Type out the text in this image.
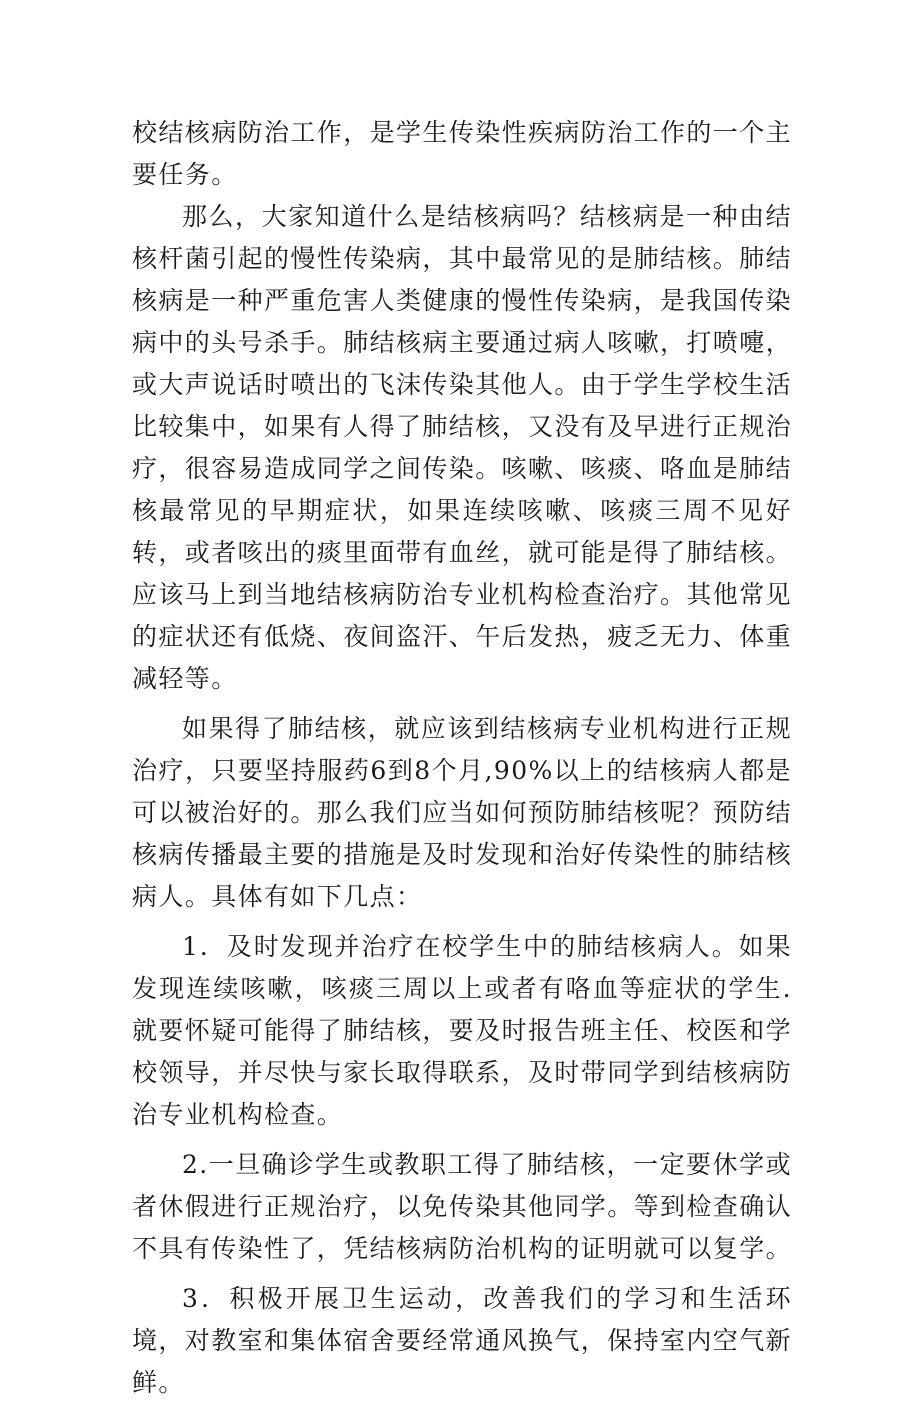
校结核病防治工作，是学生传染性疾病防治工作的一个主要任务。

那么，大家知道什么是结核病吗？结核病是一种由结核杆菌引起的慢性传染病，其中最常见的是肺结核。肺结核病是一种严重危害人类健康的慢性传染病，是我国传染病中的头号杀手。肺结核病主要通过病人咳嗽，打喷嚏，或大声说话时喷出的飞沫传染其他人。由于学生学校生活比较集中，如果有人得了肺结核，又没有及早进行正规治疗，很容易造成同学之间传染。咳嗽、咳痰、咯血是肺结核最常见的早期症状，如果连续咳嗽、咳痰三周不见好转，或者咳出的痰里面带有血丝，就可能是得了肺结核。应该马上到当地结核病防治专业机构检查治疗。其他常见的症状还有低烧、夜间盗汗、午后发热，疲乏无力、体重减轻等。

如果得了肺结核，就应该到结核病专业机构进行正规治疗，只要坚持服药6到8个月,90%以上的结核病人都是可以被治好的。那么我们应当如何预防肺结核呢？预防结核病传播最主要的措施是及时发现和治好传染性的肺结核病人。具体有如下几点：

1．及时发现并治疗在校学生中的肺结核病人。如果发现连续咳嗽，咳痰三周以上或者有咯血等症状的学生.就要怀疑可能得了肺结核，要及时报告班主任、校医和学校领导，并尽快与家长取得联系，及时带同学到结核病防治专业机构检查。

2.一旦确诊学生或教职工得了肺结核，一定要休学或者休假进行正规治疗，以免传染其他同学。等到检查确认不具有传染性了，凭结核病防治机构的证明就可以复学。

3．积极开展卫生运动，改善我们的学习和生活环境，对教室和集体宿舍要经常通风换气，保持室内空气新鲜。
